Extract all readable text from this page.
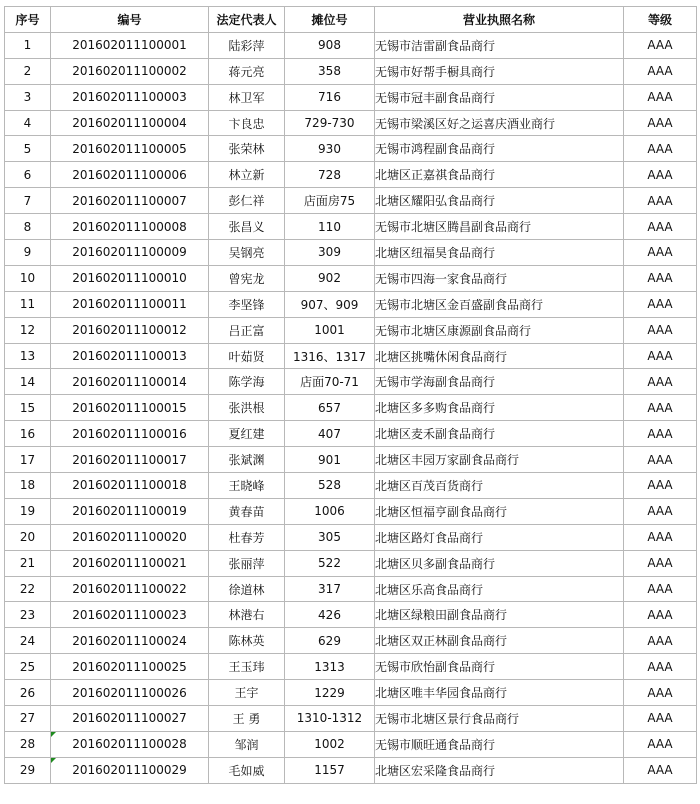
序号	编号	法定代表人	摊位号	营业执照名称	等级
1	201602011100001	陆彩萍	908	无锡市洁雷副食品商行	AAA
2	201602011100002	蒋元亮	358	无锡市好帮手橱具商行	AAA
3	201602011100003	林卫军	716	无锡市冠丰副食品商行	AAA
4	201602011100004	卞良忠	729-730	无锡市梁溪区好之运喜庆酒业商行	AAA
5	201602011100005	张荣林	930	无锡市鸿程副食品商行	AAA
6	201602011100006	林立新	728	北塘区正嘉祺食品商行	AAA
7	201602011100007	彭仁祥	店面房75	北塘区耀阳弘食品商行	AAA
8	201602011100008	张昌义	110	无锡市北塘区腾昌副食品商行	AAA
9	201602011100009	吴钢亮	309	北塘区纽福昊食品商行	AAA
10	201602011100010	曾宪龙	902	无锡市四海一家食品商行	AAA
11	201602011100011	李坚锋	907、909	无锡市北塘区金百盛副食品商行	AAA
12	201602011100012	吕正富	1001	无锡市北塘区康源副食品商行	AAA
13	201602011100013	叶茹贤	1316、1317	北塘区挑嘴休闲食品商行	AAA
14	201602011100014	陈学海	店面70-71	无锡市学海副食品商行	AAA
15	201602011100015	张洪根	657	北塘区多多购食品商行	AAA
16	201602011100016	夏红建	407	北塘区麦禾副食品商行	AAA
17	201602011100017	张斌渊	901	北塘区丰园万家副食品商行	AAA
18	201602011100018	王晓峰	528	北塘区百茂百货商行	AAA
19	201602011100019	黄春苗	1006	北塘区恒福亨副食品商行	AAA
20	201602011100020	杜春芳	305	北塘区路灯食品商行	AAA
21	201602011100021	张丽萍	522	北塘区贝多副食品商行	AAA
22	201602011100022	徐道林	317	北塘区乐高食品商行	AAA
23	201602011100023	林港右	426	北塘区绿粮田副食品商行	AAA
24	201602011100024	陈林英	629	北塘区双正林副食品商行	AAA
25	201602011100025	王玉玮	1313	无锡市欣怡副食品商行	AAA
26	201602011100026	王宇	1229	北塘区唯丰华园食品商行	AAA
27	201602011100027	王 勇	1310-1312	无锡市北塘区景行食品商行	AAA
28	201602011100028	邹润	1002	无锡市顺旺通食品商行	AAA
29	201602011100029	毛如威	1157	北塘区宏采隆食品商行	AAA
